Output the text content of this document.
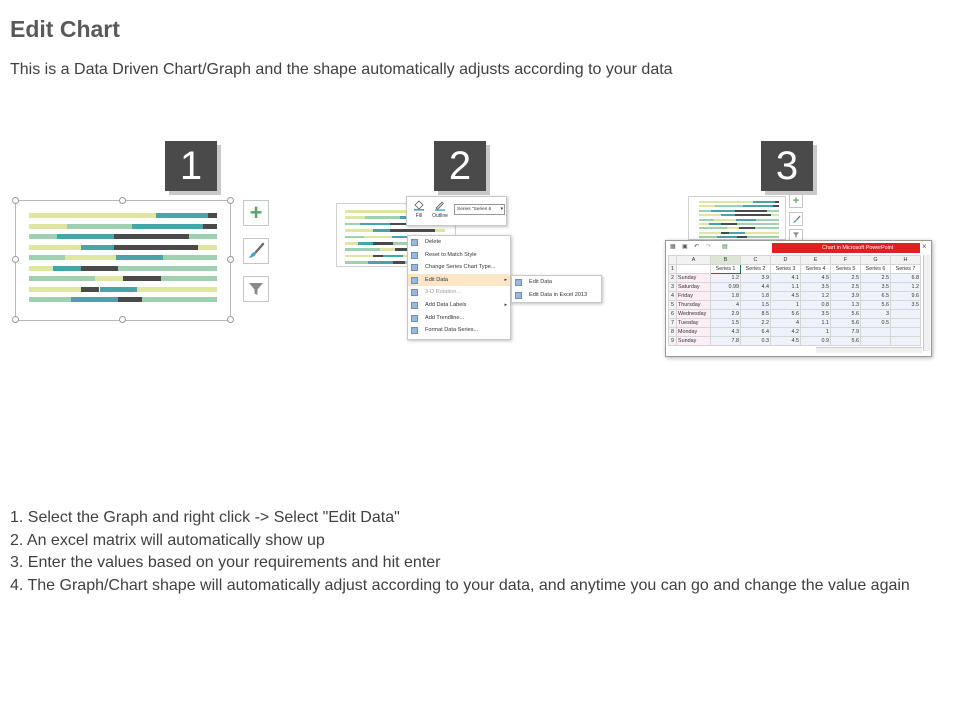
Edit Chart
This is a Data Driven Chart/Graph and the shape automatically adjusts according to your data
1	2	3
+	Fill	Outline
Series "Series 6 ▾
Delete
Reset to Match Style
Change Series Chart Type...
Edit Data	▸
3-D Rotation...
Add Data Labels	▸
Add Trendline...
Format Data Series...
Edit Data
Edit Data in Excel 2013
+
▦ ▣ ↶ ↷ ▤	Chart in Microsoft PowerPoint	×
	A	B	C	D	E	F	G	H
1		Series 1	Series 2	Series 3	Series 4	Series 5	Series 6	Series 7
2	Sunday	1.2	3.9	4.1	4.5	2.5	2.5	6.8
3	Saturday	0.99	4.4	1.1	3.5	2.5	3.5	1.2
4	Friday	1.8	1.8	4.5	1.2	3.9	6.5	9.6
5	Thursday	4	1.5	1	0.8	1.3	5.6	3.5
6	Wednesday	2.9	8.5	5.6	3.5	5.6	3	
7	Tuesday	1.5	2.2	4	1.1	5.6	0.5	
8	Monday	4.3	6.4	4.2	1	7.9		
9	Sunday	7.8	0.3	4.5	0.9	5.6		
1. Select the Graph and right click -> Select "Edit Data"
2. An excel matrix will automatically show up
3. Enter the values based on your requirements and hit enter
4. The Graph/Chart shape will automatically adjust according to your data, and anytime you can go and change the value again
